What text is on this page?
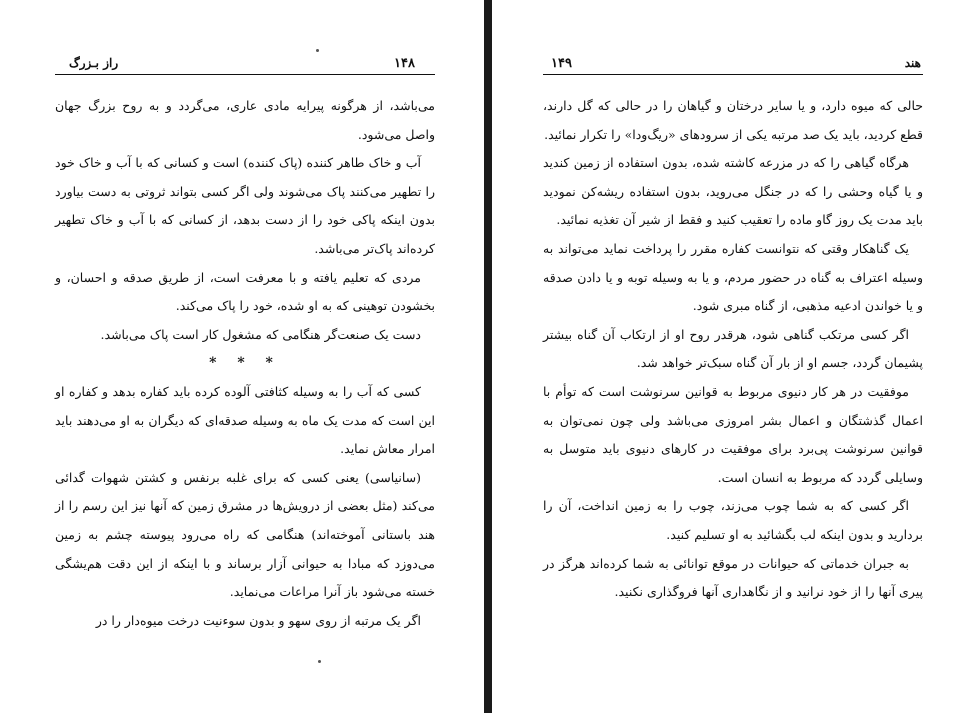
راز بـزرگ	۱۴۸

می‌باشد، از هرگونه پیرایه مادی عاری، می‌گردد و به روح بزرگ جهان واصل می‌شود.

آب و خاک طاهر کننده (پاک کننده) است و کسانی که با آب و خاک خود را تطهیر می‌کنند پاک می‌شوند ولی اگر کسی بتواند ثروتی به دست بیاورد بدون اینکه پاکی خود را از دست بدهد، از کسانی که با آب و خاک تطهیر کرده‌اند پاک‌تر می‌باشد.

مردی که تعلیم یافته و با معرفت است، از طریق صدقه و احسان، و بخشودن توهینی که به او شده، خود را پاک می‌کند.

دست یک صنعت‌گر هنگامی که مشغول کار است پاک می‌باشد.

* * *

کسی که آب را به وسیله کثافتی آلوده کرده باید کفاره بدهد و کفاره او این است که مدت یک ماه به وسیله صدقه‌ای که دیگران به او می‌دهند باید امرار معاش نماید.

(سانیاسی) یعنی کسی که برای غلبه برنفس و کشتن شهوات گدائی می‌کند (مثل بعضی از درویش‌ها در مشرق زمین که آنها نیز این رسم را از هند باستانی آموخته‌اند) هنگامی که راه می‌رود پیوسته چشم به زمین می‌دوزد که مبادا به حیوانی آزار برساند و با اینکه از این دقت هم‌یشگی خسته می‌شود باز آنرا مراعات می‌نماید.

اگر یک مرتبه از روی سهو و بدون سوءنیت درخت میوه‌دار را در

هند
۱۴۹

حالی که میوه دارد، و یا سایر درختان و گیاهان را در حالی که گل دارند، قطع کردید، باید یک صد مرتبه یکی از سرودهای «ریگ‌ودا» را تکرار نمائید.

هرگاه گیاهی را که در مزرعه کاشته شده، بدون استفاده از زمین کندید و یا گیاه وحشی را که در جنگل می‌روید، بدون استفاده ریشه‌کن نمودید باید مدت یک روز گاو ماده را تعقیب کنید و فقط از شیر آن تغذیه نمائید.

یک گناهکار وقتی که نتوانست کفاره مقرر را پرداخت نماید می‌تواند به وسیله اعتراف به گناه در حضور مردم، و یا به وسیله توبه و یا دادن صدقه و یا خواندن ادعیه مذهبی، از گناه مبری شود.

اگر کسی مرتکب گناهی شود، هرقدر روح او از ارتکاب آن گناه بیشتر پشیمان گردد، جسم او از بار آن گناه سبک‌تر خواهد شد.

موفقیت در هر کار دنیوی مربوط به قوانین سرنوشت است که توأم با اعمال گذشتگان و اعمال بشر امروزی می‌باشد ولی چون نمی‌توان به قوانین سرنوشت پی‌برد برای موفقیت در کارهای دنیوی باید متوسل به وسایلی گردد که مربوط به انسان است.

اگر کسی که به شما چوب می‌زند، چوب را به زمین انداخت، آن را بردارید و بدون اینکه لب بگشائید به او تسلیم کنید.

به جبران خدماتی که حیوانات در موقع توانائی به شما کرده‌اند هرگز در پیری آنها را از خود نرانید و از نگاهداری آنها فروگذاری نکنید.
